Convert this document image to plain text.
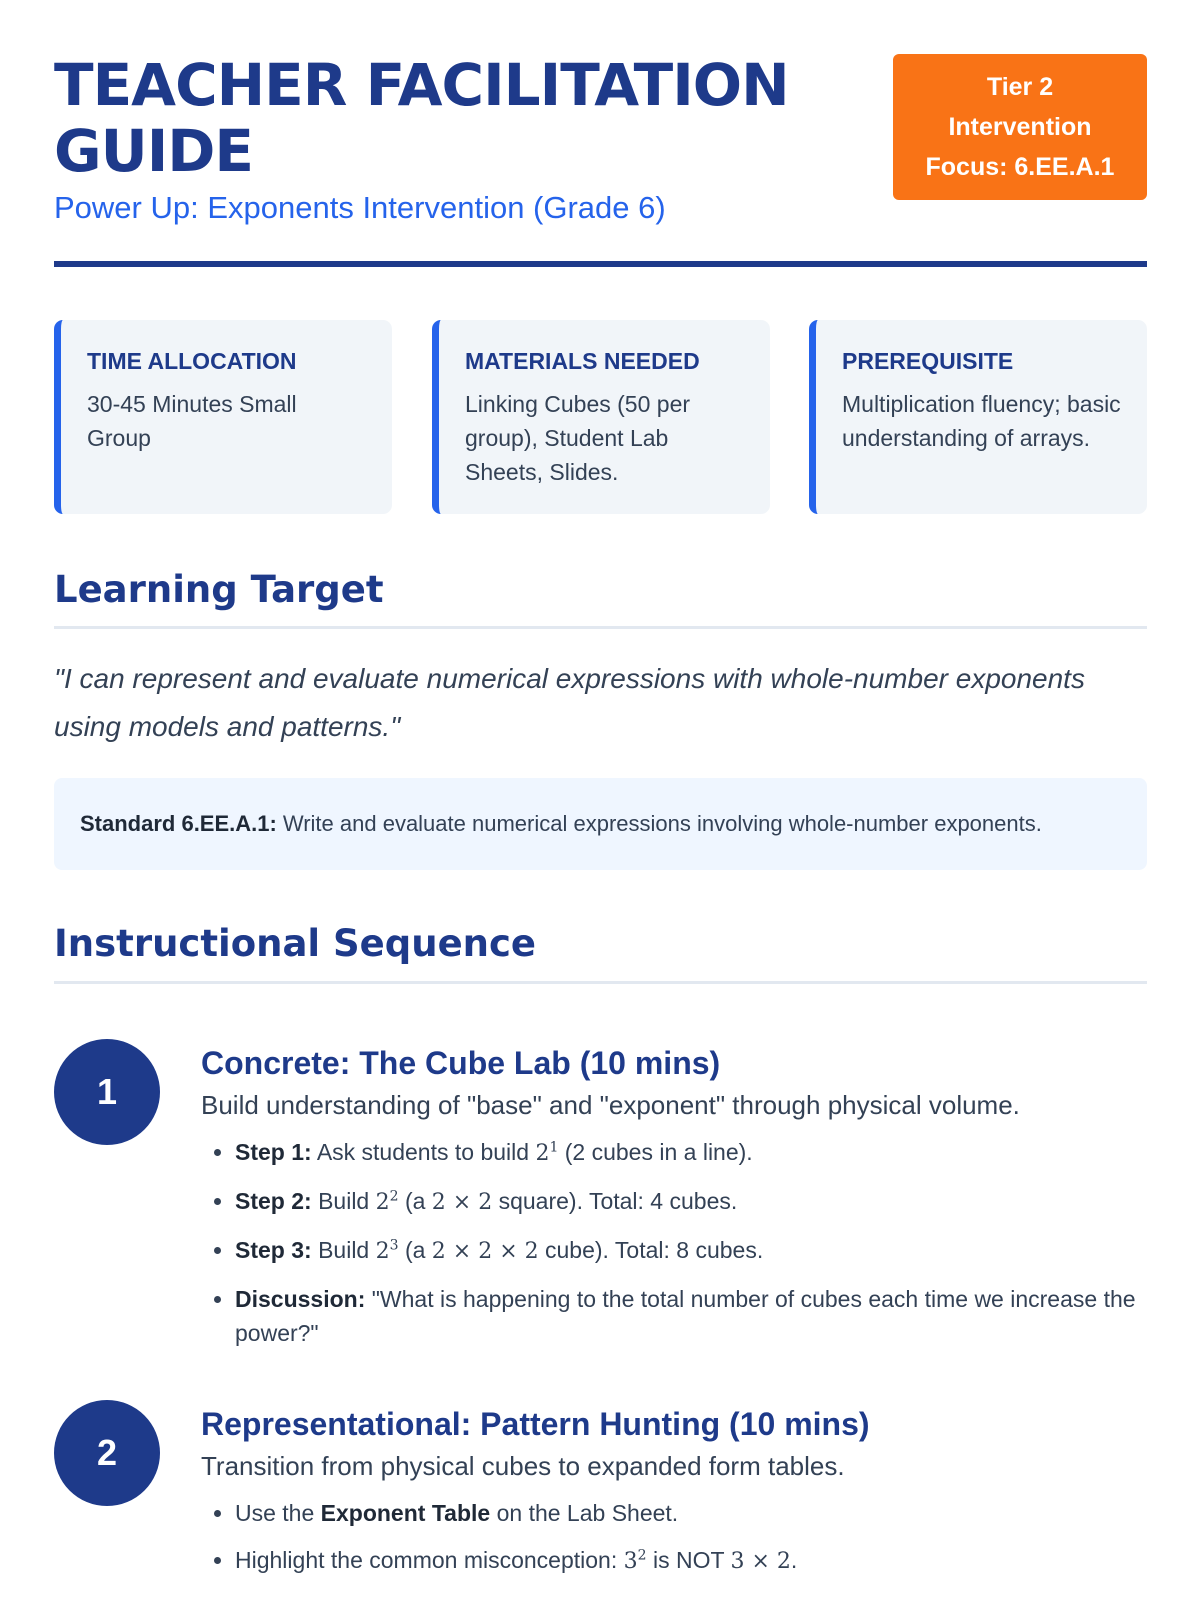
TEACHER FACILITATION
GUIDE
Power Up: Exponents Intervention (Grade 6)
Tier 2
Intervention
Focus: 6.EE.A.1
TIME ALLOCATION
30-45 Minutes Small Group
MATERIALS NEEDED
Linking Cubes (50 per group), Student Lab Sheets, Slides.
PREREQUISITE
Multiplication fluency; basic understanding of arrays.
Learning Target
"I can represent and evaluate numerical expressions with whole-number exponents using models and patterns."
Standard 6.EE.A.1: Write and evaluate numerical expressions involving whole-number exponents.
Instructional Sequence
1
Concrete: The Cube Lab (10 mins)
Build understanding of "base" and "exponent" through physical volume.
• Step 1: Ask students to build $2^1$ (2 cubes in a line).
• Step 2: Build $2^2$ (a 2 × 2 square). Total: 4 cubes.
• Step 3: Build $2^3$ (a 2 × 2 × 2 cube). Total: 8 cubes.
• Discussion: "What is happening to the total number of cubes each time we increase the power?"
2
Representational: Pattern Hunting (10 mins)
Transition from physical cubes to expanded form tables.
• Use the Exponent Table on the Lab Sheet.
• Highlight the common misconception: $3^2$ is NOT 3 × 2.
